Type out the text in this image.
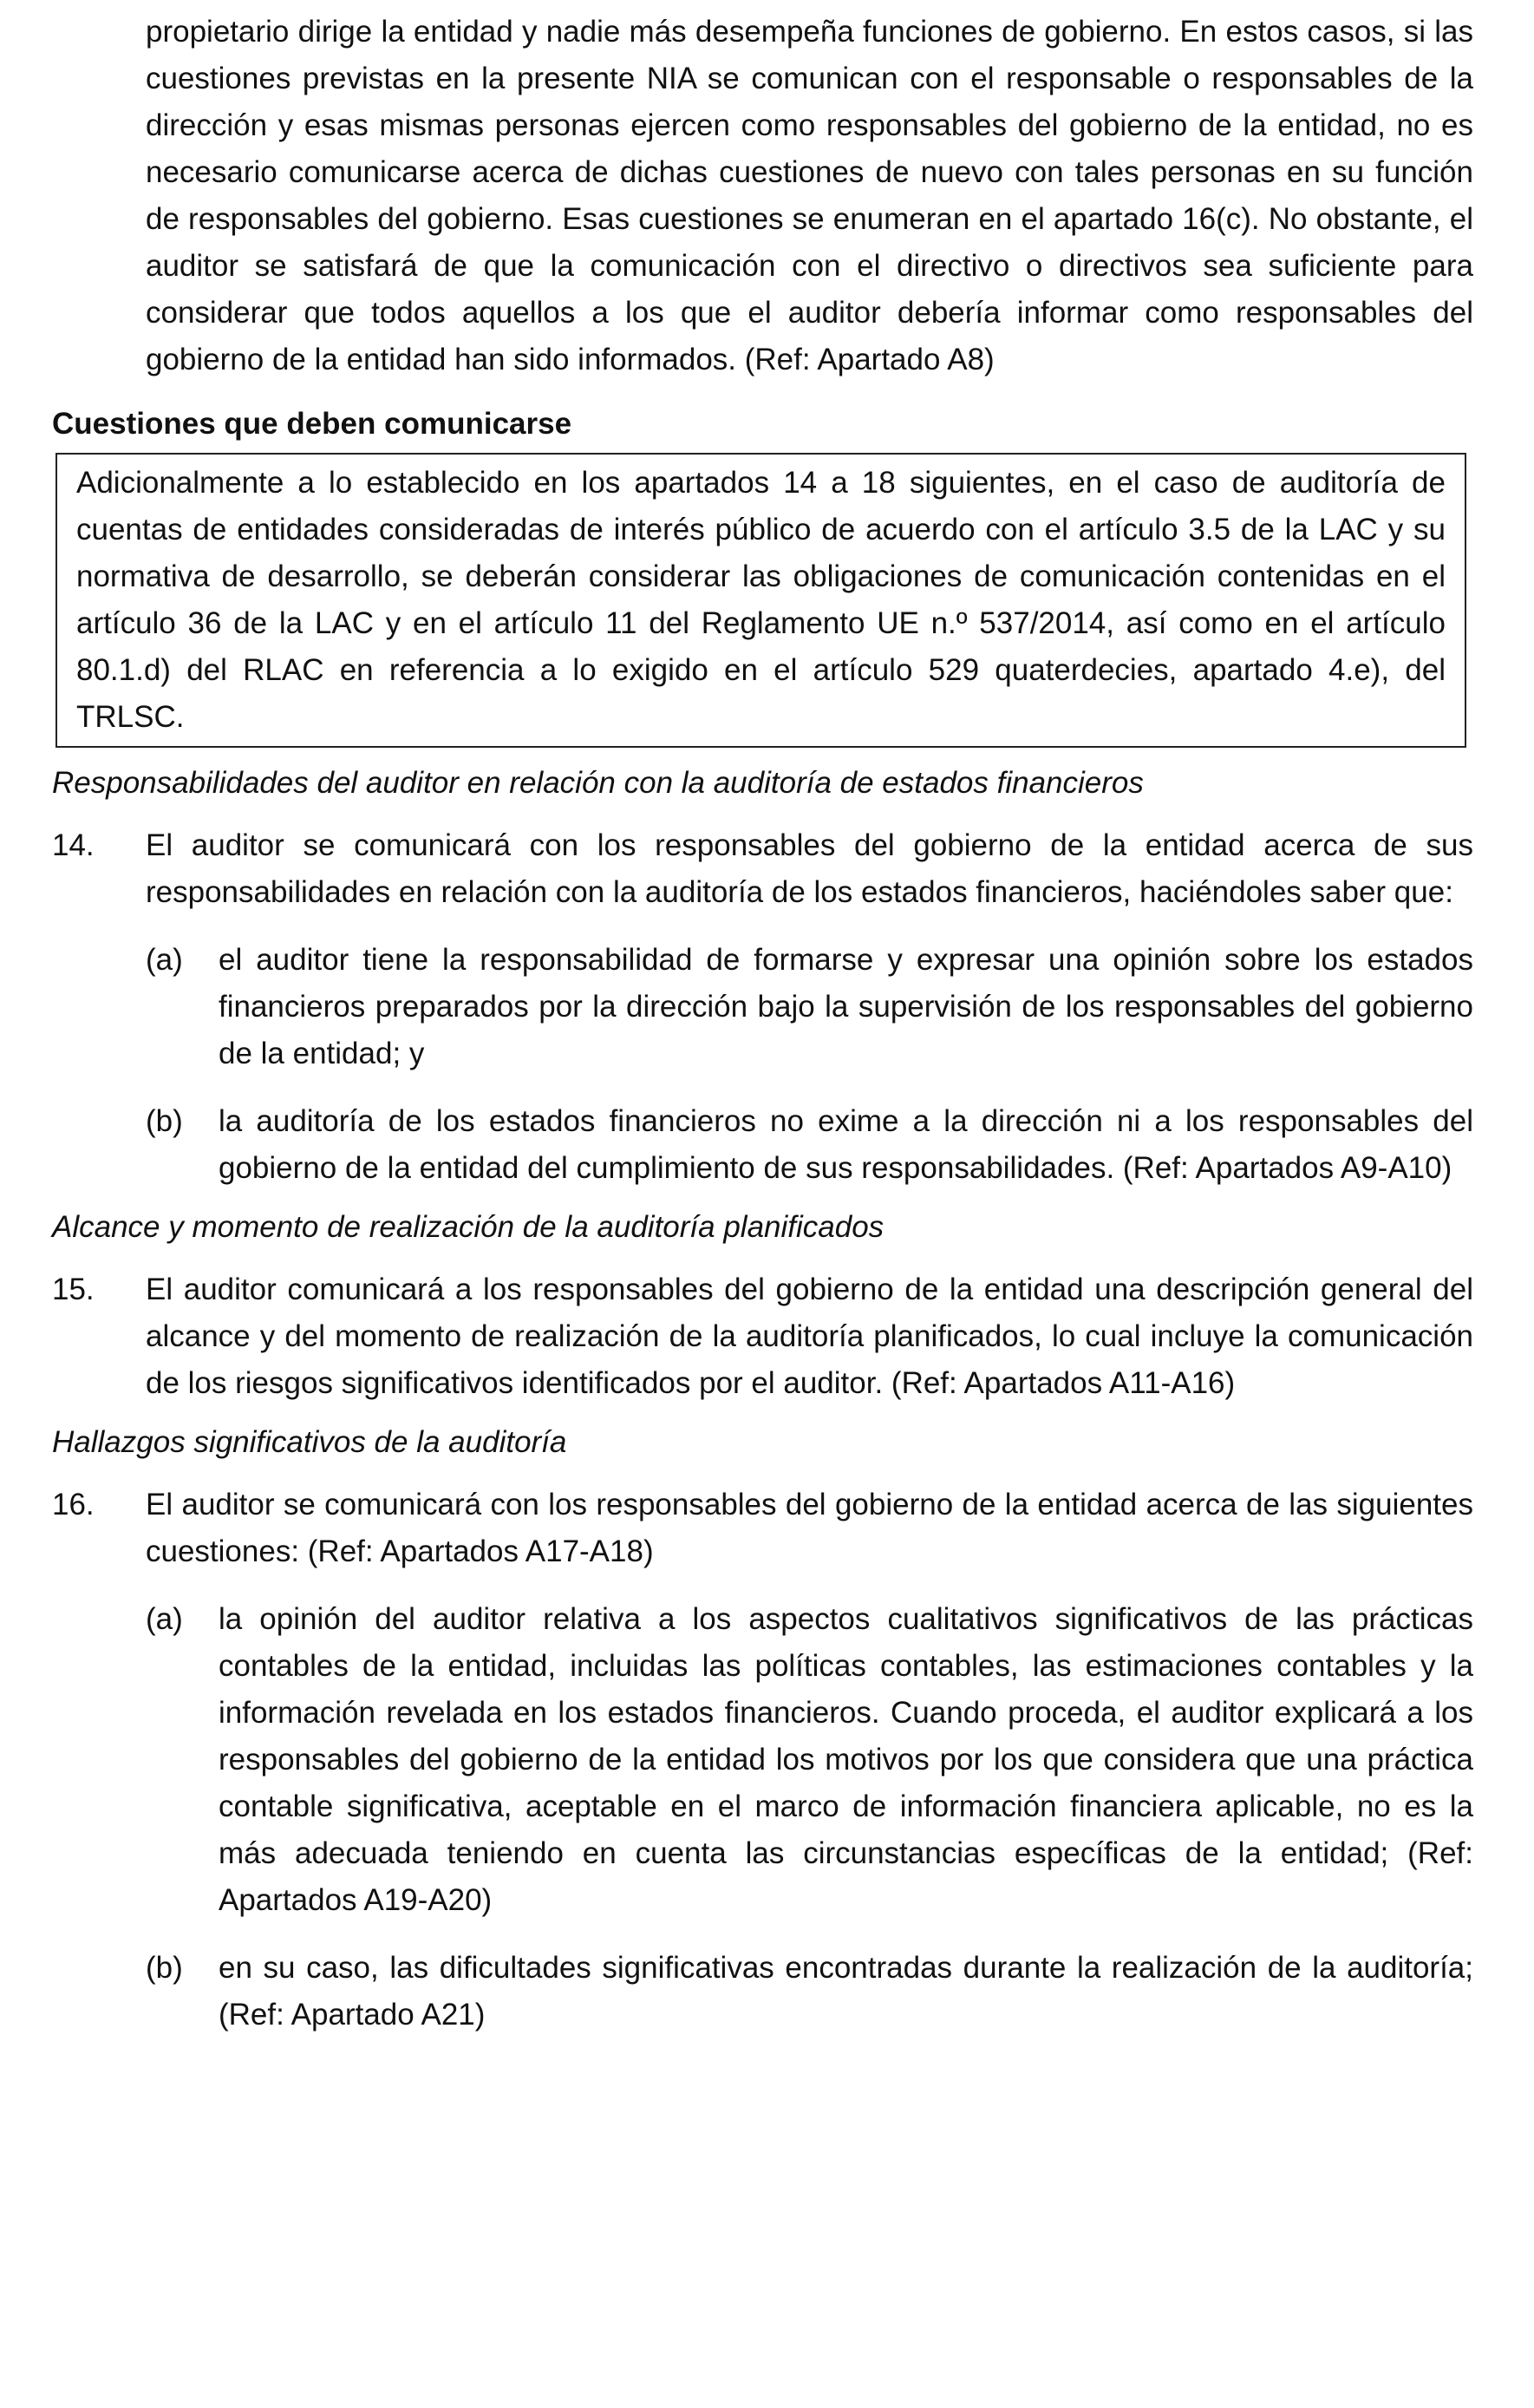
propietario dirige la entidad y nadie más desempeña funciones de gobierno. En estos casos, si las cuestiones previstas en la presente NIA se comunican con el responsable o responsables de la dirección y esas mismas personas ejercen como responsables del gobierno de la entidad, no es necesario comunicarse acerca de dichas cuestiones de nuevo con tales personas en su función de responsables del gobierno. Esas cuestiones se enumeran en el apartado 16(c). No obstante, el auditor se satisfará de que la comunicación con el directivo o directivos sea suficiente para considerar que todos aquellos a los que el auditor debería informar como responsables del gobierno de la entidad han sido informados. (Ref: Apartado A8)

Cuestiones que deben comunicarse

Adicionalmente a lo establecido en los apartados 14 a 18 siguientes, en el caso de auditoría de cuentas de entidades consideradas de interés público de acuerdo con el artículo 3.5 de la LAC y su normativa de desarrollo, se deberán considerar las obligaciones de comunicación contenidas en el artículo 36 de la LAC y en el artículo 11 del Reglamento UE n.º 537/2014, así como en el artículo 80.1.d) del RLAC en referencia a lo exigido en el artículo 529 quaterdecies, apartado 4.e), del TRLSC.

Responsabilidades del auditor en relación con la auditoría de estados financieros

14.	El auditor se comunicará con los responsables del gobierno de la entidad acerca de sus responsabilidades en relación con la auditoría de los estados financieros, haciéndoles saber que:
(a)	el auditor tiene la responsabilidad de formarse y expresar una opinión sobre los estados financieros preparados por la dirección bajo la supervisión de los responsables del gobierno de la entidad; y
(b)	la auditoría de los estados financieros no exime a la dirección ni a los responsables del gobierno de la entidad del cumplimiento de sus responsabilidades. (Ref: Apartados A9-A10)

Alcance y momento de realización de la auditoría planificados

15.	El auditor comunicará a los responsables del gobierno de la entidad una descripción general del alcance y del momento de realización de la auditoría planificados, lo cual incluye la comunicación de los riesgos significativos identificados por el auditor. (Ref: Apartados A11-A16)

Hallazgos significativos de la auditoría

16.	El auditor se comunicará con los responsables del gobierno de la entidad acerca de las siguientes cuestiones: (Ref: Apartados A17-A18)
(a)	la opinión del auditor relativa a los aspectos cualitativos significativos de las prácticas contables de la entidad, incluidas las políticas contables, las estimaciones contables y la información revelada en los estados financieros. Cuando proceda, el auditor explicará a los responsables del gobierno de la entidad los motivos por los que considera que una práctica contable significativa, aceptable en el marco de información financiera aplicable, no es la más adecuada teniendo en cuenta las circunstancias específicas de la entidad; (Ref: Apartados A19-A20)
(b)	en su caso, las dificultades significativas encontradas durante la realización de la auditoría; (Ref: Apartado A21)
